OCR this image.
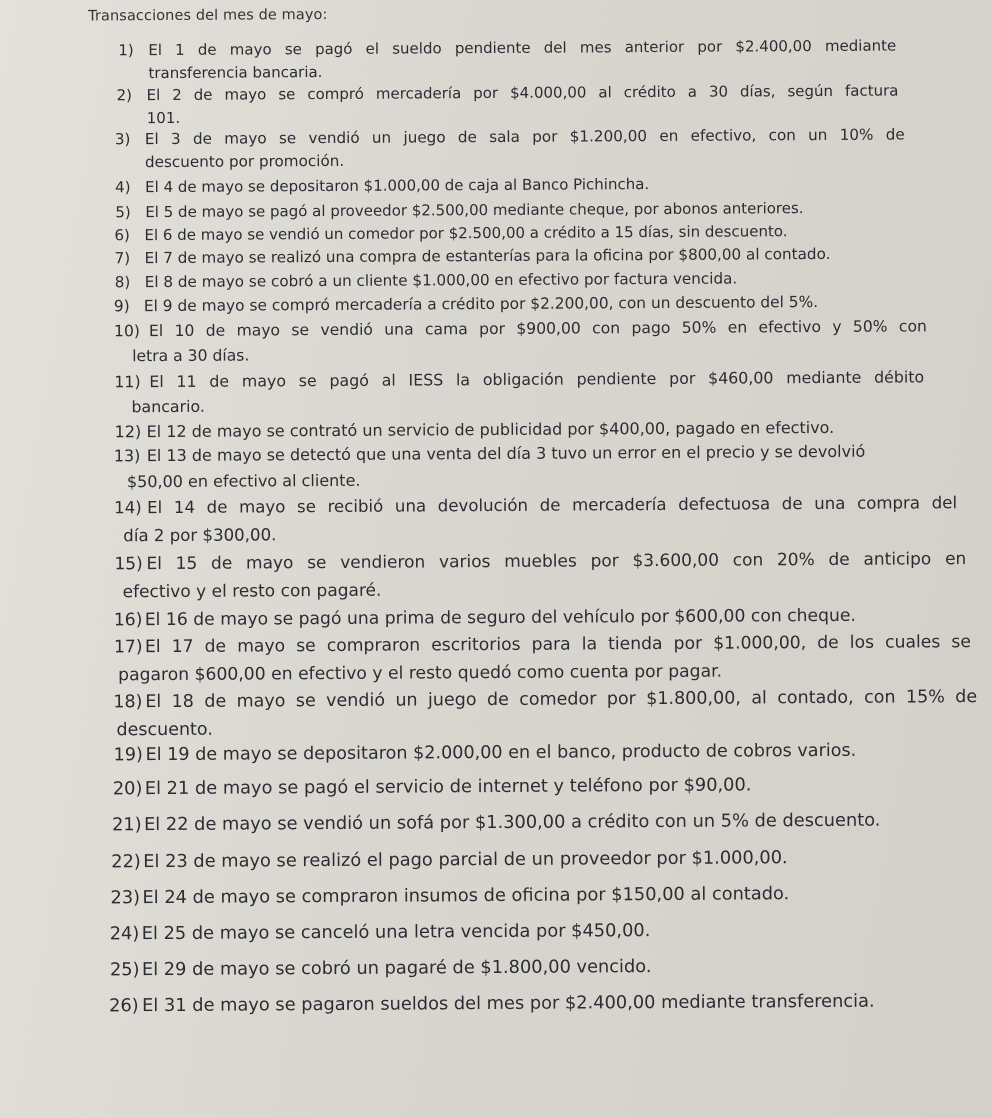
Transacciones del mes de mayo:
1) El 1 de mayo se pagó el sueldo pendiente del mes anterior por $2.400,00 mediante
transferencia bancaria.
2) El 2 de mayo se compró mercadería por $4.000,00 al crédito a 30 días, según factura
101.
3) El 3 de mayo se vendió un juego de sala por $1.200,00 en efectivo, con un 10% de
descuento por promoción.
4) El 4 de mayo se depositaron $1.000,00 de caja al Banco Pichincha.
5) El 5 de mayo se pagó al proveedor $2.500,00 mediante cheque, por abonos anteriores.
6) El 6 de mayo se vendió un comedor por $2.500,00 a crédito a 15 días, sin descuento.
7) El 7 de mayo se realizó una compra de estanterías para la oficina por $800,00 al contado.
8) El 8 de mayo se cobró a un cliente $1.000,00 en efectivo por factura vencida.
9) El 9 de mayo se compró mercadería a crédito por $2.200,00, con un descuento del 5%.
10) El 10 de mayo se vendió una cama por $900,00 con pago 50% en efectivo y 50% con
letra a 30 días.
11) El 11 de mayo se pagó al IESS la obligación pendiente por $460,00 mediante débito
bancario.
12) El 12 de mayo se contrató un servicio de publicidad por $400,00, pagado en efectivo.
13) El 13 de mayo se detectó que una venta del día 3 tuvo un error en el precio y se devolvió
$50,00 en efectivo al cliente.
14) El 14 de mayo se recibió una devolución de mercadería defectuosa de una compra del
día 2 por $300,00.
15) El 15 de mayo se vendieron varios muebles por $3.600,00 con 20% de anticipo en
efectivo y el resto con pagaré.
16) El 16 de mayo se pagó una prima de seguro del vehículo por $600,00 con cheque.
17) El 17 de mayo se compraron escritorios para la tienda por $1.000,00, de los cuales se
pagaron $600,00 en efectivo y el resto quedó como cuenta por pagar.
18) El 18 de mayo se vendió un juego de comedor por $1.800,00, al contado, con 15% de
descuento.
19) El 19 de mayo se depositaron $2.000,00 en el banco, producto de cobros varios.
20) El 21 de mayo se pagó el servicio de internet y teléfono por $90,00.
21) El 22 de mayo se vendió un sofá por $1.300,00 a crédito con un 5% de descuento.
22) El 23 de mayo se realizó el pago parcial de un proveedor por $1.000,00.
23) El 24 de mayo se compraron insumos de oficina por $150,00 al contado.
24) El 25 de mayo se canceló una letra vencida por $450,00.
25) El 29 de mayo se cobró un pagaré de $1.800,00 vencido.
26) El 31 de mayo se pagaron sueldos del mes por $2.400,00 mediante transferencia.
